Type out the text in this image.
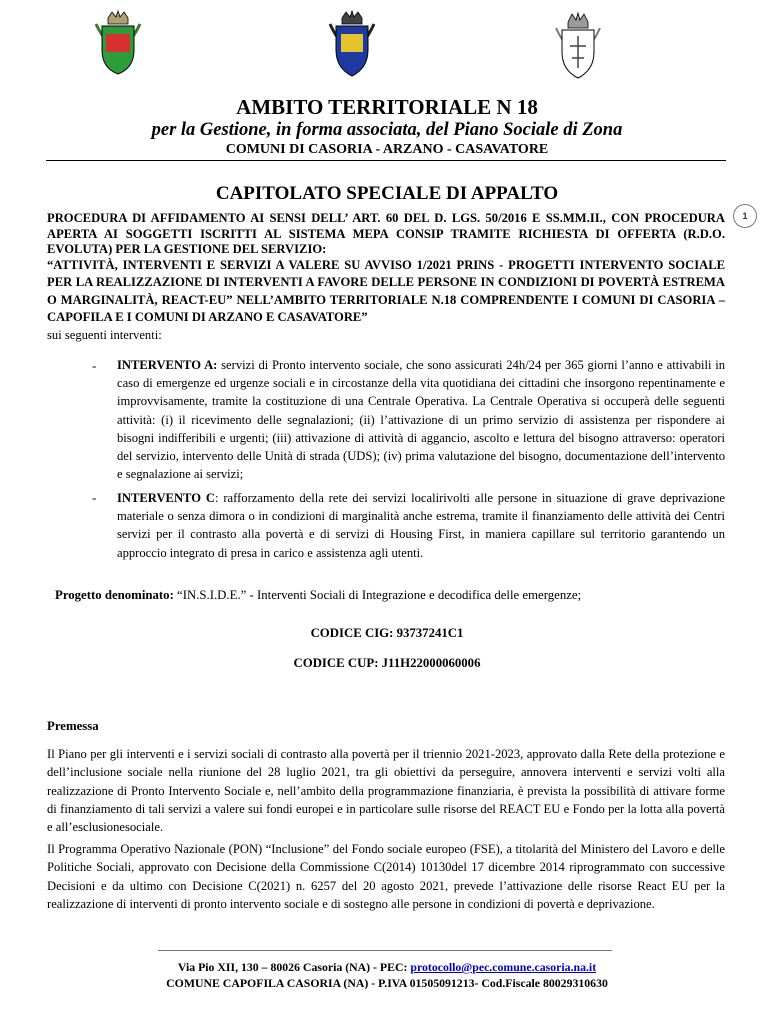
AMBITO TERRITORIALE N 18
per la Gestione, in forma associata, del Piano Sociale di Zona
COMUNI DI CASORIA - ARZANO - CASAVATORE
CAPITOLATO SPECIALE DI APPALTO
1
PROCEDURA DI AFFIDAMENTO AI SENSI DELL’ ART. 60 DEL D. LGS. 50/2016 E SS.MM.II., CON PROCEDURA APERTA AI SOGGETTI ISCRITTI AL SISTEMA MEPA CONSIP TRAMITE RICHIESTA DI OFFERTA (R.D.O. EVOLUTA) PER LA GESTIONE DEL SERVIZIO:
“ATTIVITÀ, INTERVENTI E SERVIZI A VALERE SU AVVISO 1/2021 PRINS - PROGETTI INTERVENTO SOCIALE PER LA REALIZZAZIONE DI INTERVENTI A FAVORE DELLE PERSONE IN CONDIZIONI DI POVERTÀ ESTREMA O MARGINALITÀ, REACT-EU” NELL’AMBITO TERRITORIALE N.18 COMPRENDENTE I COMUNI DI CASORIA – CAPOFILA E I COMUNI DI ARZANO E CASAVATORE”
sui seguenti interventi:
- INTERVENTO A: servizi di Pronto intervento sociale, che sono assicurati 24h/24 per 365 giorni l’anno e attivabili in caso di emergenze ed urgenze sociali e in circostanze della vita quotidiana dei cittadini che insorgono repentinamente e improvvisamente, tramite la costituzione di una Centrale Operativa. La Centrale Operativa si occuperà delle seguenti attività: (i) il ricevimento delle segnalazioni; (ii) l’attivazione di un primo servizio di assistenza per rispondere ai bisogni indifferibili e urgenti; (iii) attivazione di attività di aggancio, ascolto e lettura del bisogno attraverso: operatori del servizio, intervento delle Unità di strada (UDS); (iv) prima valutazione del bisogno, documentazione dell’intervento e segnalazione ai servizi;
- INTERVENTO C: rafforzamento della rete dei servizi localirivolti alle persone in situazione di grave deprivazione materiale o senza dimora o in condizioni di marginalità anche estrema, tramite il finanziamento delle attività dei Centri servizi per il contrasto alla povertà e di servizi di Housing First, in maniera capillare sul territorio garantendo un approccio integrato di presa in carico e assistenza agli utenti.
Progetto denominato: “IN.S.I.D.E.” - Interventi Sociali di Integrazione e decodifica delle emergenze;
CODICE CIG: 93737241C1
CODICE CUP: J11H22000060006
Premessa
Il Piano per gli interventi e i servizi sociali di contrasto alla povertà per il triennio 2021-2023, approvato dalla Rete della protezione e dell’inclusione sociale nella riunione del 28 luglio 2021, tra gli obiettivi da perseguire, annovera interventi e servizi volti alla realizzazione di Pronto Intervento Sociale e, nell’ambito della programmazione finanziaria, è prevista la possibilità di attivare forme di finanziamento di tali servizi a valere sui fondi europei e in particolare sulle risorse del REACT EU e Fondo per la lotta alla povertà e all’esclusionesociale.
Il Programma Operativo Nazionale (PON) “Inclusione” del Fondo sociale europeo (FSE), a titolarità del Ministero del Lavoro e delle Politiche Sociali, approvato con Decisione della Commissione C(2014) 10130del 17 dicembre 2014 riprogrammato con successive Decisioni e da ultimo con Decisione C(2021) n. 6257 del 20 agosto 2021, prevede l’attivazione delle risorse React EU per la realizzazione di interventi di pronto intervento sociale e di sostegno alle persone in condizioni di povertà e deprivazione.
Via Pio XII, 130 – 80026 Casoria (NA) - PEC: protocollo@pec.comune.casoria.na.it
COMUNE CAPOFILA CASORIA (NA) - P.IVA 01505091213- Cod.Fiscale 80029310630
